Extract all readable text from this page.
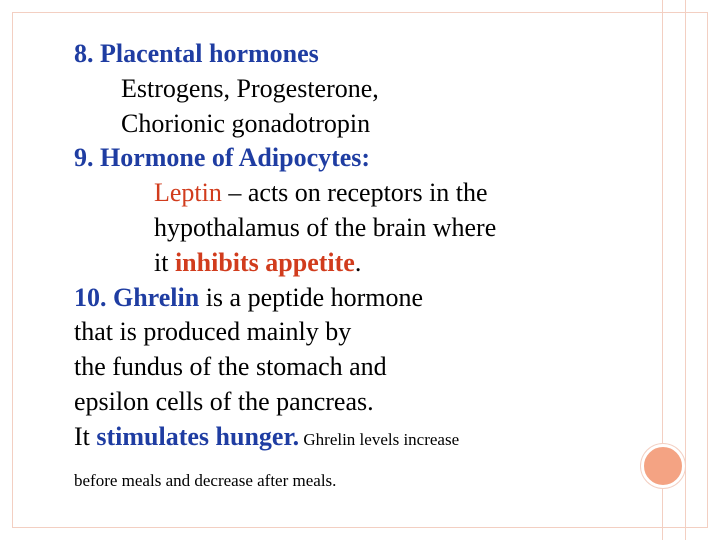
8. Placental hormones
Estrogens, Progesterone,
Chorionic gonadotropin
9. Hormone of Adipocytes:
Leptin – acts on receptors in the
hypothalamus of the brain where
it inhibits appetite.
10. Ghrelin is a peptide hormone
that is produced mainly by
the fundus of the stomach and
epsilon cells of the pancreas.
It stimulates hunger. Ghrelin levels increase
before meals and decrease after meals.
